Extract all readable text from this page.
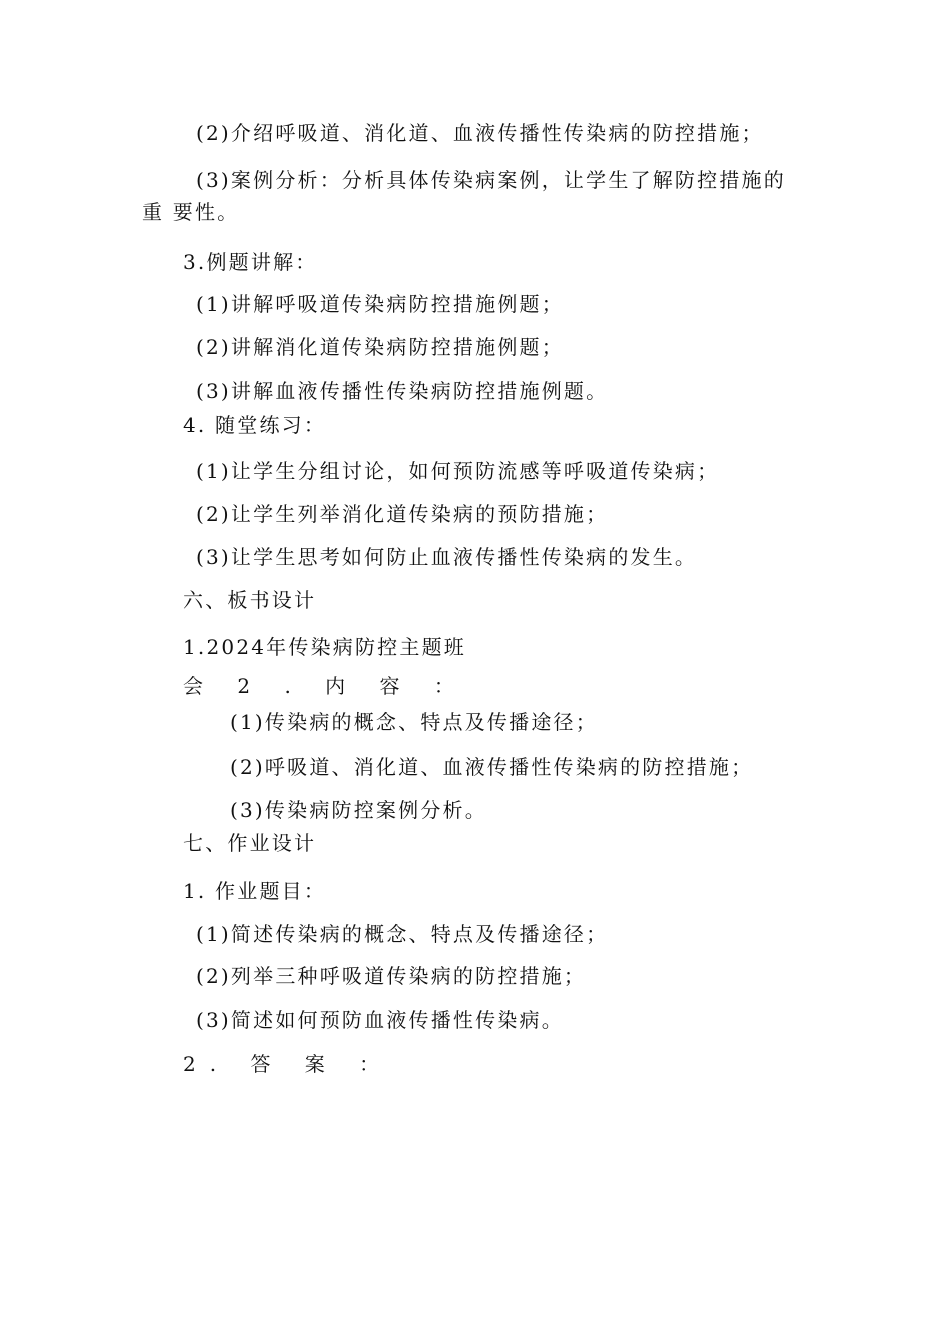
(2)介绍呼吸道、消化道、血液传播性传染病的防控措施；
(3)案例分析：分析具体传染病案例，让学生了解防控措施的
重 要性。
3.例题讲解：
(1)讲解呼吸道传染病防控措施例题；
(2)讲解消化道传染病防控措施例题；
(3)讲解血液传播性传染病防控措施例题。
4. 随堂练习：
(1)让学生分组讨论，如何预防流感等呼吸道传染病；
(2)让学生列举消化道传染病的预防措施；
(3)让学生思考如何防止血液传播性传染病的发生。
六、板书设计
1.2024年传染病防控主题班
会 2 . 内 容 ：
(1)传染病的概念、特点及传播途径；
(2)呼吸道、消化道、血液传播性传染病的防控措施；
(3)传染病防控案例分析。
七、作业设计
1. 作业题目：
(1)简述传染病的概念、特点及传播途径；
(2)列举三种呼吸道传染病的防控措施；
(3)简述如何预防血液传播性传染病。
2. 答 案 ：
